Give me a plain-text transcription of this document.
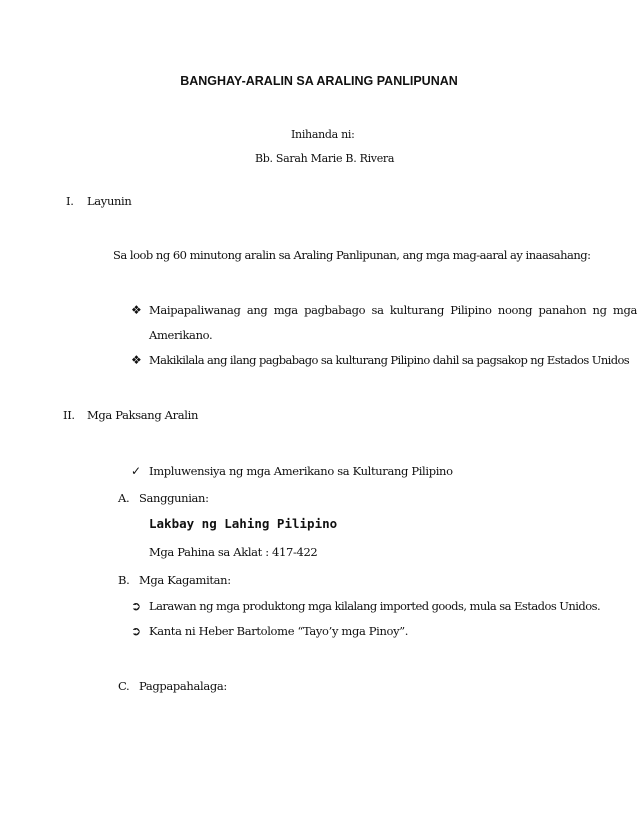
BANGHAY-ARALIN SA ARALING PANLIPUNAN
Inihanda ni:
Bb. Sarah Marie B. Rivera
I. Layunin
Sa loob ng 60 minutong aralin sa Araling Panlipunan, ang mga mag-aaral ay inaasahang:
❖ Maipapaliwanag ang mga pagbabago sa kulturang Pilipino noong panahon ng mga
Amerikano.
❖ Makikilala ang ilang pagbabago sa kulturang Pilipino dahil sa pagsakop ng Estados Unidos
II. Mga Paksang Aralin
✓ Impluwensiya ng mga Amerikano sa Kulturang Pilipino
A. Sanggunian:
Lakbay ng Lahing Pilipino
Mga Pahina sa Aklat : 417-422
B. Mga Kagamitan:
➲ Larawan ng mga produktong mga kilalang imported goods, mula sa Estados Unidos.
➲ Kanta ni Heber Bartolome “Tayo’y mga Pinoy”.
C. Pagpapahalaga:
